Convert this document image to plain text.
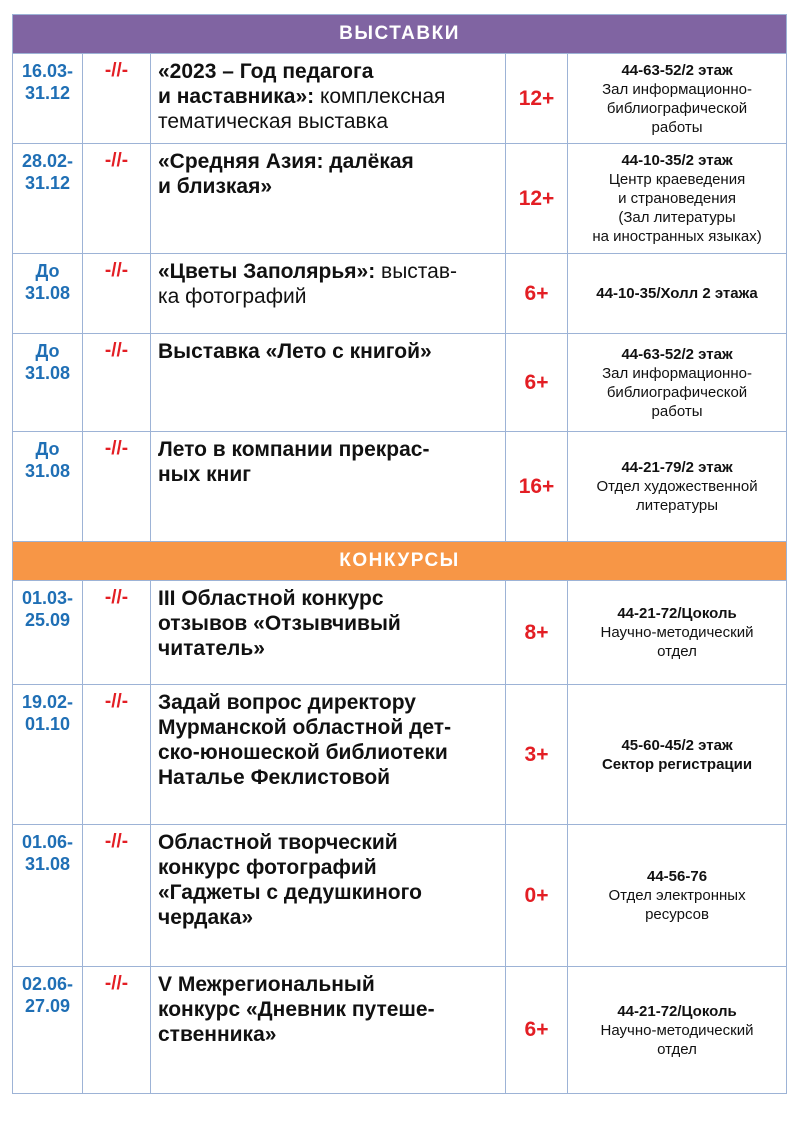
ВЫСТАВКИ				
16.03-
31.12	-//-	«2023 – Год педагога
и наставника»: комплексная
тематическая выставка	12+	44-63-52/2 этаж
Зал информационно-
библиографической
работы

28.02-
31.12	-//-	«Средняя Азия: далёкая
и близкая»	12+	44-10-35/2 этаж
Центр краеведения
и страноведения
(Зал литературы
на иностранных языках)

До
31.08	-//-	«Цветы Заполярья»: выстав-
ка фотографий	6+	44-10-35/Холл 2 этажа

До
31.08	-//-	Выставка «Лето с книгой»	6+	44-63-52/2 этаж
Зал информационно-
библиографической
работы

До
31.08	-//-	Лето в компании прекрас-
ных книг	16+	44-21-79/2 этаж
Отдел художественной
литературы

КОНКУРСЫ				
01.03-
25.09	-//-	III Областной конкурс
отзывов «Отзывчивый
читатель»	8+	44-21-72/Цоколь
Научно-методический
отдел

19.02-
01.10	-//-	Задай вопрос директору
Мурманской областной дет-
ско-юношеской библиотеки
Наталье Феклистовой	3+	45-60-45/2 этаж
Сектор регистрации

01.06-
31.08	-//-	Областной творческий
конкурс фотографий
«Гаджеты с дедушкиного
чердака»	0+	44-56-76
Отдел электронных
ресурсов

02.06-
27.09	-//-	V Межрегиональный
конкурс «Дневник путеше-
ственника»	6+	44-21-72/Цоколь
Научно-методический
отдел
